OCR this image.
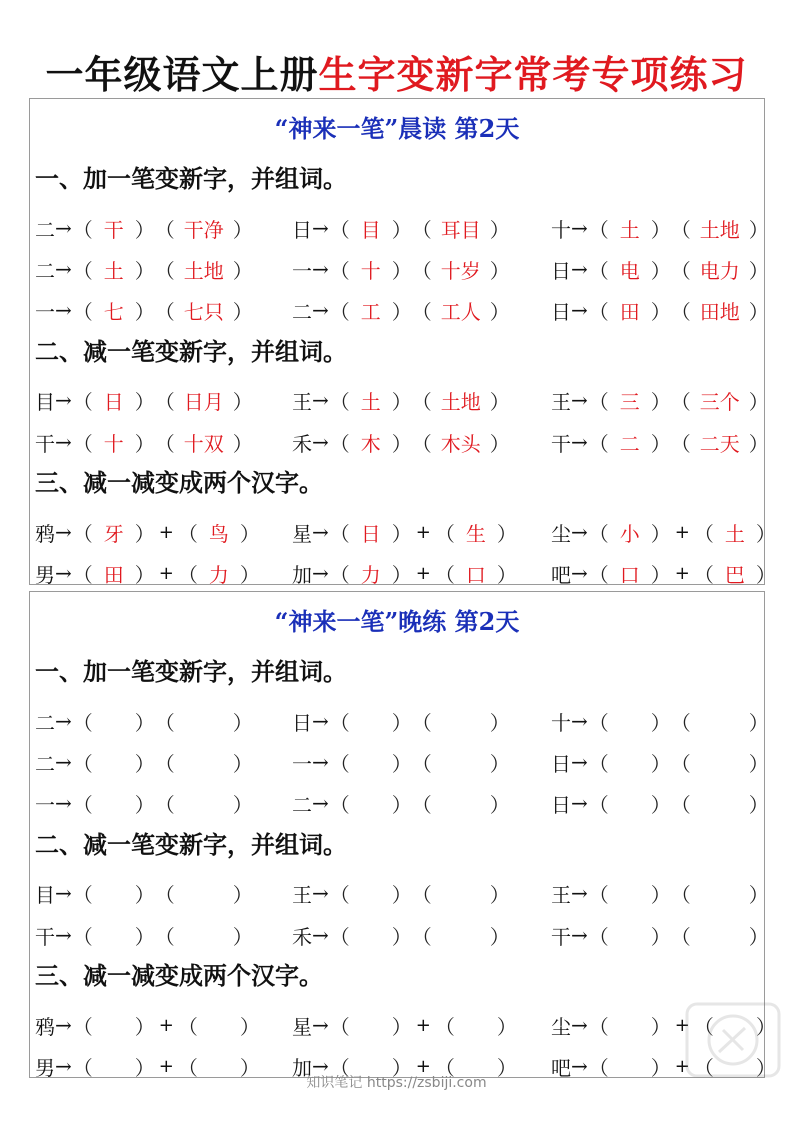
一年级语文上册生字变新字常考专项练习
“神来一笔”晨读 第2天
一、加一笔变新字，并组词。
二、减一笔变新字，并组词。
三、减一减变成两个汉字。
二 → （ 干 ） （ 干净 ） 日 → （ 目 ） （ 耳目 ） 十 → （ 土 ） （ 土地 ）
二 → （ 土 ） （ 土地 ） 一 → （ 十 ） （ 十岁 ） 日 → （ 电 ） （ 电力 ）
一 → （ 七 ） （ 七只 ） 二 → （ 工 ） （ 工人 ） 日 → （ 田 ） （ 田地 ）
目 → （ 日 ） （ 日月 ） 王 → （ 土 ） （ 土地 ） 王 → （ 三 ） （ 三个 ）
干 → （ 十 ） （ 十双 ） 禾 → （ 木 ） （ 木头 ） 干 → （ 二 ） （ 二天 ）
鸦 → （ 牙 ） + （ 鸟 ） 星 → （ 日 ） + （ 生 ） 尘 → （ 小 ） + （ 土 ）
男 → （ 田 ） + （ 力 ） 加 → （ 力 ） + （ 口 ） 吧 → （ 口 ） + （ 巴 ）
“神来一笔”晚练 第2天
一、加一笔变新字，并组词。
二、减一笔变新字，并组词。
三、减一减变成两个汉字。
二 → （ ） （	） 日 → （ ） （	） 十 → （ ） （	）
二 → （ ） （	） 一 → （ ） （	） 日 → （ ） （	）
一 → （ ） （	） 二 → （ ） （	） 日 → （ ） （	）
目 → （ ） （	） 王 → （ ） （	） 王 → （ ） （	）
干 → （ ） （	） 禾 → （ ） （	） 干 → （ ） （	）
鸦 → （ ） + （ ） 星 → （ ） + （ ） 尘 → （ ） + （ ）
男 → （ ） + （ ） 加 → （ ） + （ ） 吧 → （ ） + （ ）
知识笔记 https://zsbiji.com
